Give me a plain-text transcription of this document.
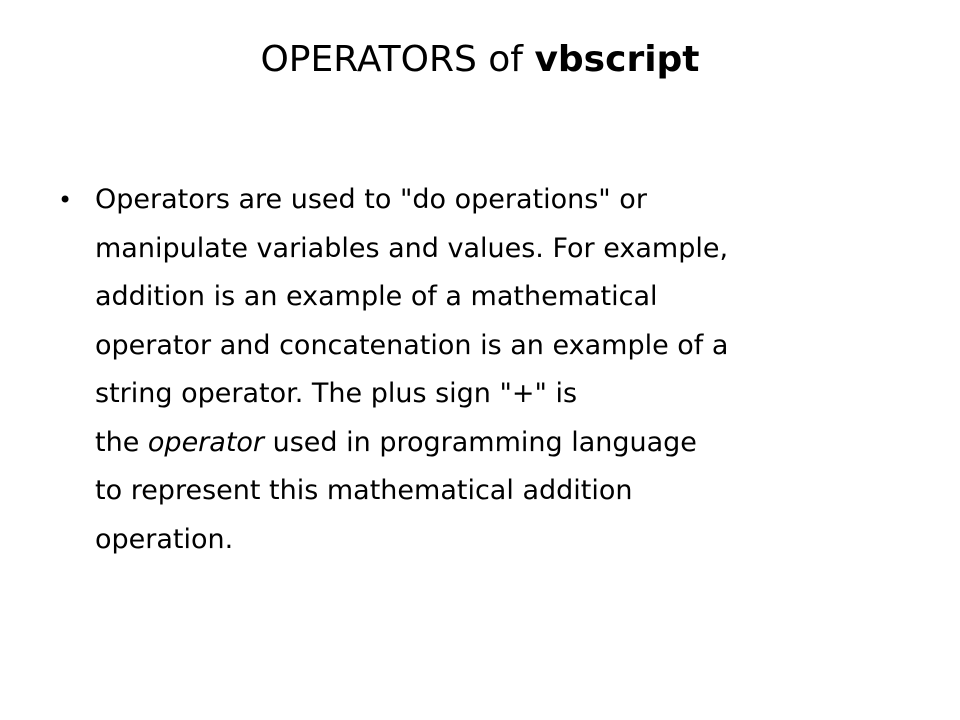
OPERATORS of vbscript
• Operators are used to "do operations" or
manipulate variables and values. For example,
addition is an example of a mathematical
operator and concatenation is an example of a
string operator. The plus sign "+" is
the operator used in programming language
to represent this mathematical addition
operation.
